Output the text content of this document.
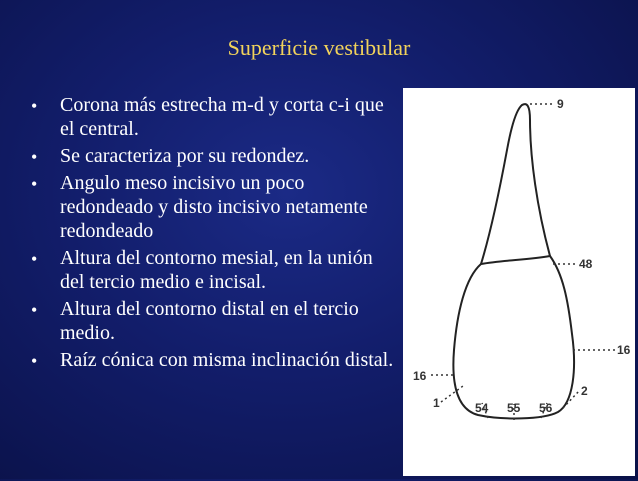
Superficie vestibular
• Corona más estrecha m-d y corta c-i que el central.
• Se caracteriza por su redondez.
• Angulo meso incisivo un poco redondeado y disto incisivo netamente redondeado
• Altura del contorno mesial, en la unión del tercio medio e incisal.
• Altura del contorno distal en el tercio medio.
• Raíz cónica con misma inclinación distal.
9
48
16
16
1
2
54 55 56
